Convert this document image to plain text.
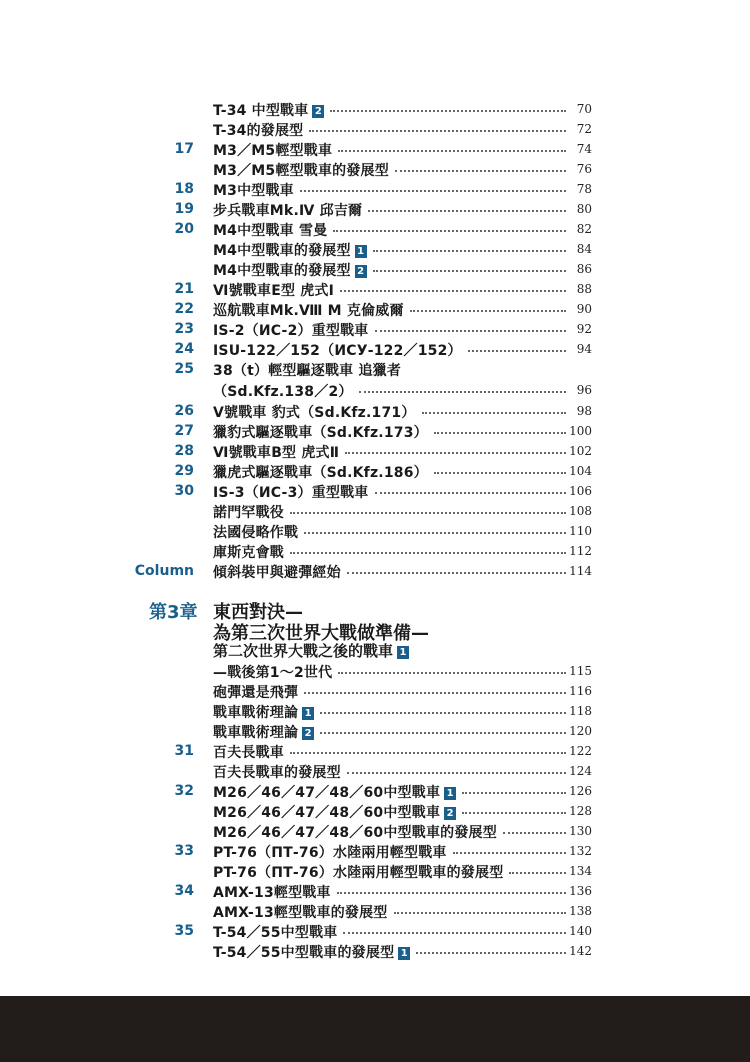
T-34 中型戰車 2	70
T-34的發展型	72
17 M3／M5輕型戰車	74
M3／M5輕型戰車的發展型	76
18 M3中型戰車	78
19 步兵戰車Mk.Ⅳ 邱吉爾	80
20 M4中型戰車 雪曼	82
M4中型戰車的發展型 1	84
M4中型戰車的發展型 2	86
21 Ⅵ號戰車E型 虎式Ⅰ	88
22 巡航戰車Mk.Ⅷ M 克倫威爾	90
23 IS-2（ИC-2）重型戰車	92
24 ISU-122／152（ИCУ-122／152）	94
25 38（t）輕型驅逐戰車 追獵者
（Sd.Kfz.138／2）	96
26 Ⅴ號戰車 豹式（Sd.Kfz.171）	98
27 獵豹式驅逐戰車（Sd.Kfz.173）	100
28 Ⅵ號戰車B型 虎式Ⅱ	102
29 獵虎式驅逐戰車（Sd.Kfz.186）	104
30 IS-3（ИC-3）重型戰車	106
諾門罕戰役	108
法國侵略作戰	110
庫斯克會戰	112
Column 傾斜裝甲與避彈經始	114
第3章 東西對決—
為第三次世界大戰做準備—
第二次世界大戰之後的戰車 1
—戰後第1～2世代	115
砲彈還是飛彈	116
戰車戰術理論 1	118
戰車戰術理論 2	120
31 百夫長戰車	122
百夫長戰車的發展型	124
32 M26／46／47／48／60中型戰車 1	126
M26／46／47／48／60中型戰車 2	128
M26／46／47／48／60中型戰車的發展型	130
33 PT-76（ПТ-76）水陸兩用輕型戰車	132
PT-76（ПТ-76）水陸兩用輕型戰車的發展型	134
34 AMX-13輕型戰車	136
AMX-13輕型戰車的發展型	138
35 T-54／55中型戰車	140
T-54／55中型戰車的發展型 1	142
